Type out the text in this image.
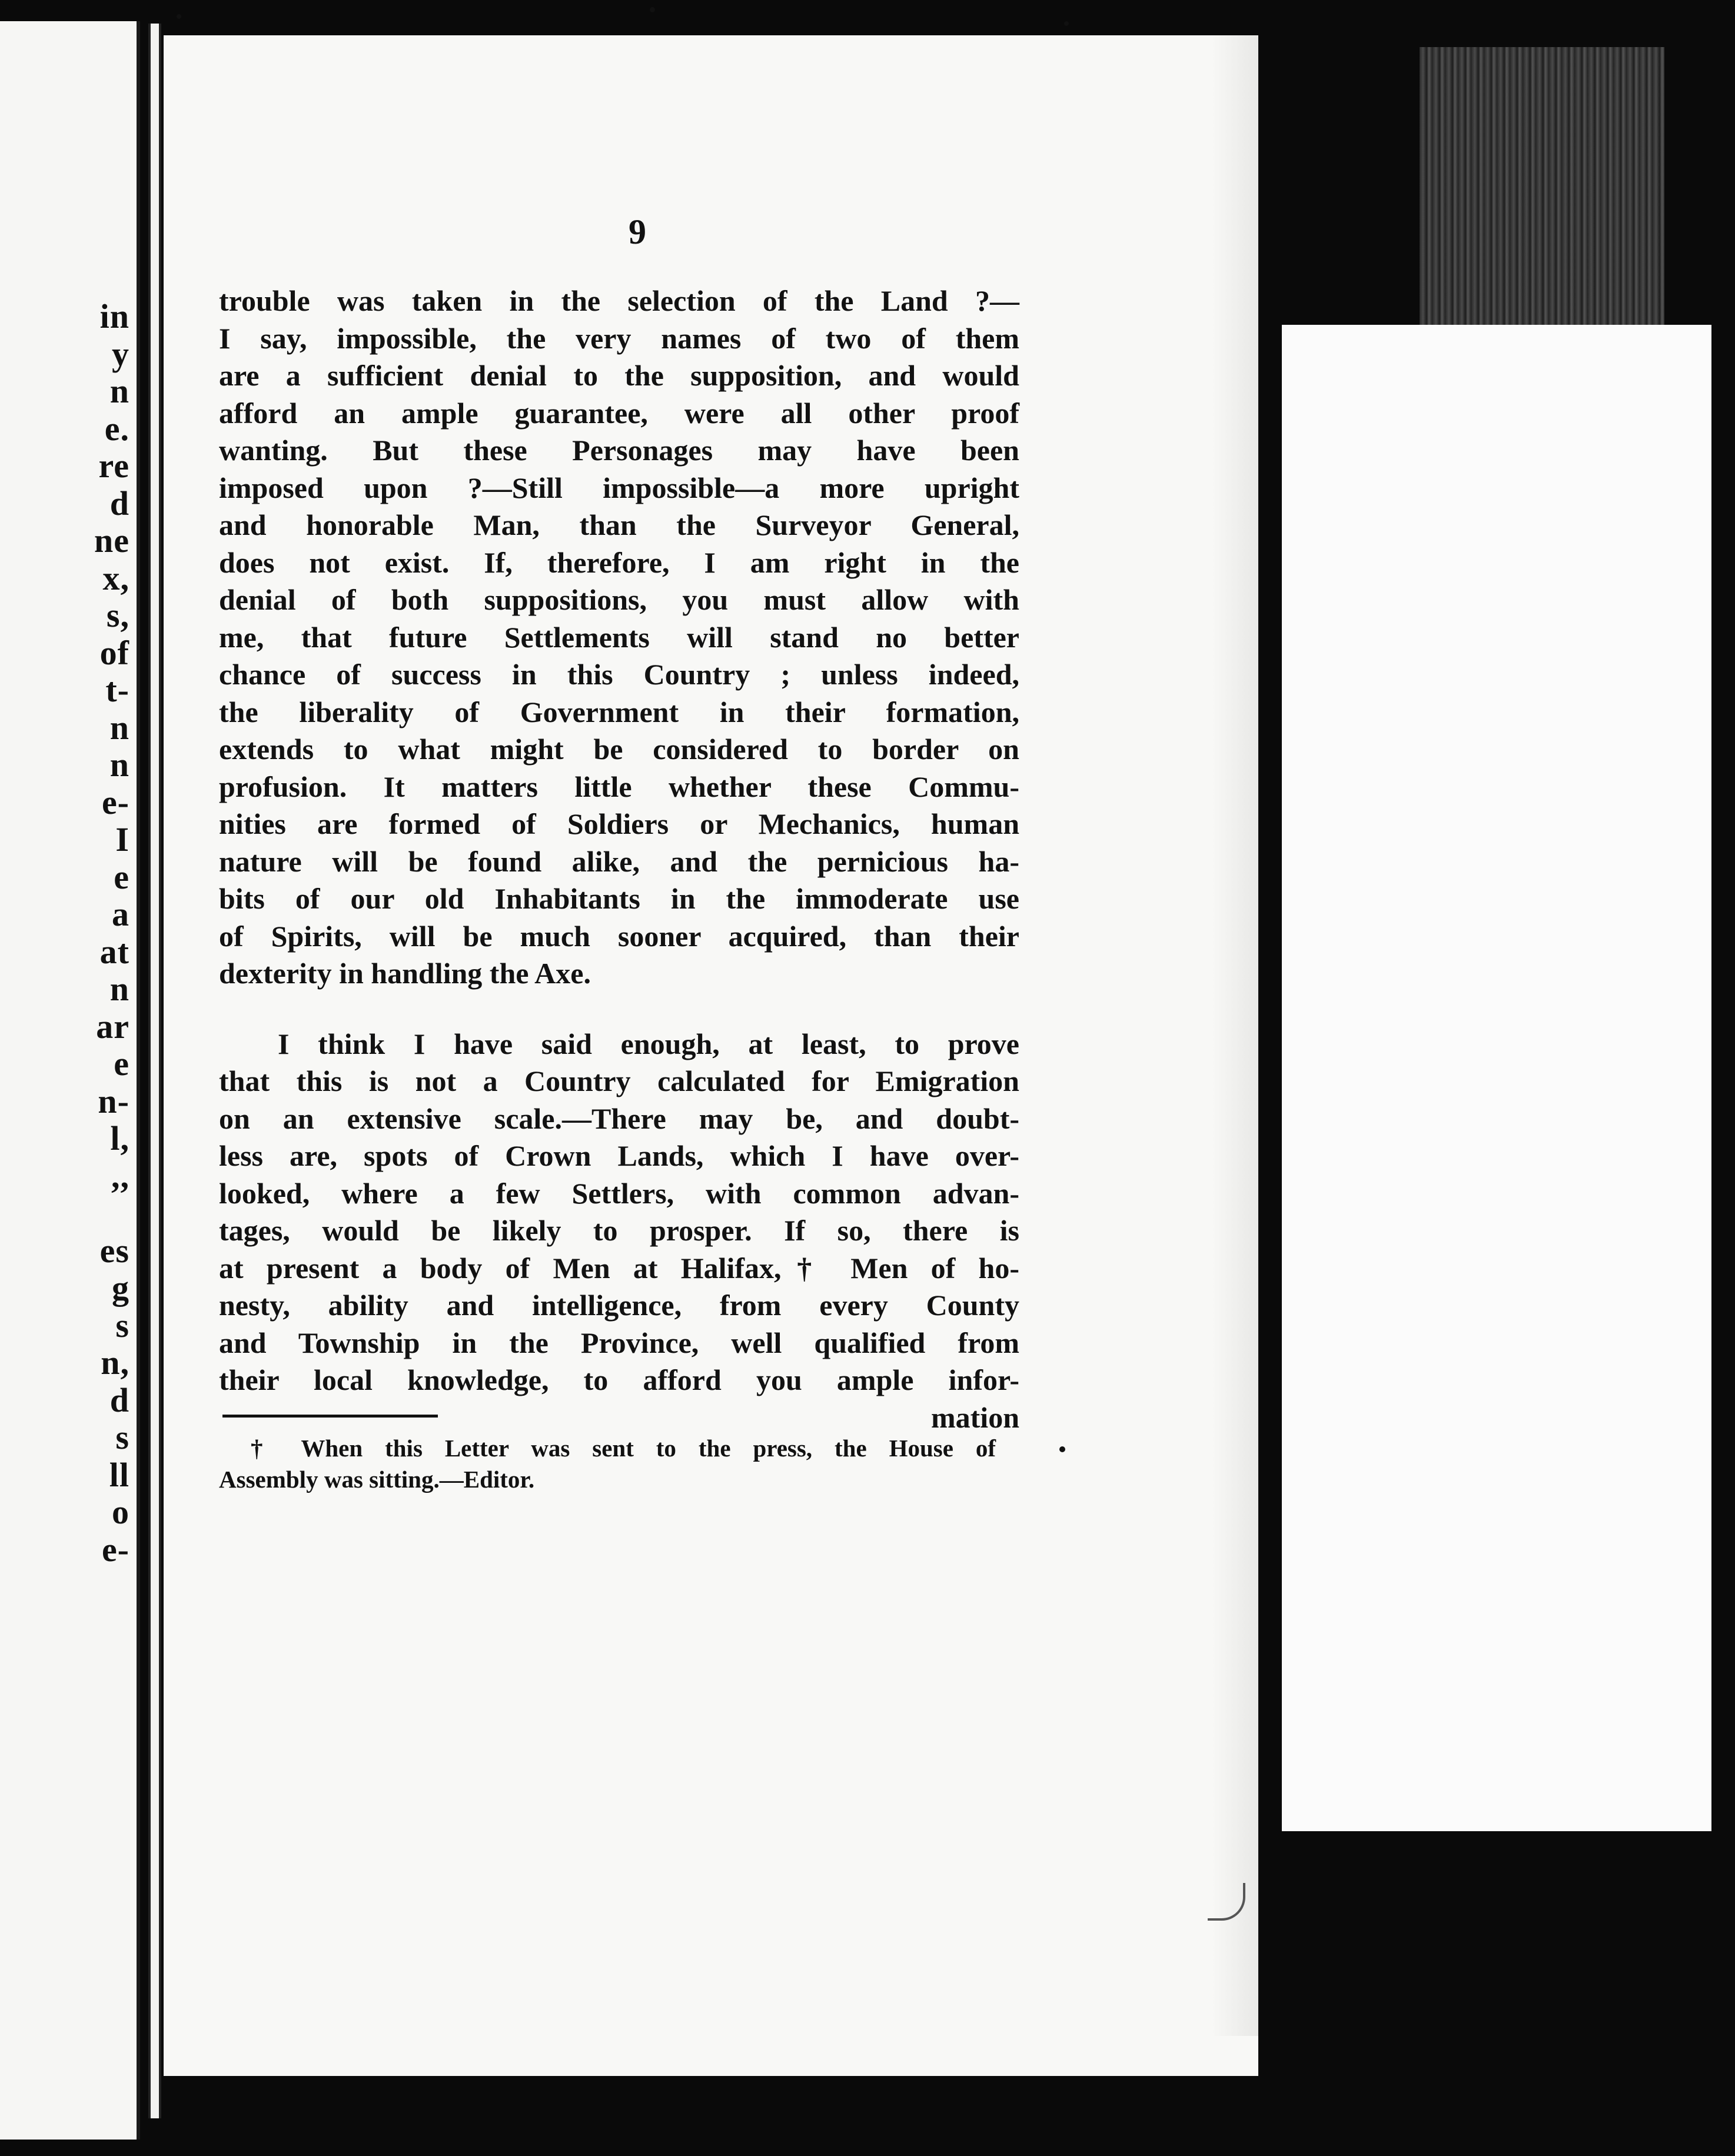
in
y
n
e.
re
d
ne
x,
s,
of
t-
n
n
e-
I
e
a
at
n
ar
e
n-
l,
,,
es
g
s
n,
d
s
ll
o
e-
9
trouble was taken in the selection of the Land ?—
I say, impossible, the very names of two of them
are a sufficient denial to the supposition, and would
afford an ample guarantee, were all other proof
wanting. But these Personages may have been
imposed upon ?—Still impossible—a more upright
and honorable Man, than the Surveyor General,
does not exist. If, therefore, I am right in the
denial of both suppositions, you must allow with
me, that future Settlements will stand no better
chance of success in this Country ; unless indeed,
the liberality of Government in their formation,
extends to what might be considered to border on
profusion. It matters little whether these Commu-
nities are formed of Soldiers or Mechanics, human
nature will be found alike, and the pernicious ha-
bits of our old Inhabitants in the immoderate use
of Spirits, will be much sooner acquired, than their
dexterity in handling the Axe.
I think I have said enough, at least, to prove
that this is not a Country calculated for Emigration
on an extensive scale.—There may be, and doubt-
less are, spots of Crown Lands, which I have over-
looked, where a few Settlers, with common advan-
tages, would be likely to prosper. If so, there is
at present a body of Men at Halifax,† Men of ho-
nesty, ability and intelligence, from every County
and Township in the Province, well qualified from
their local knowledge, to afford you ample infor-
mation
† When this Letter was sent to the press, the House of
Assembly was sitting.—Editor.
